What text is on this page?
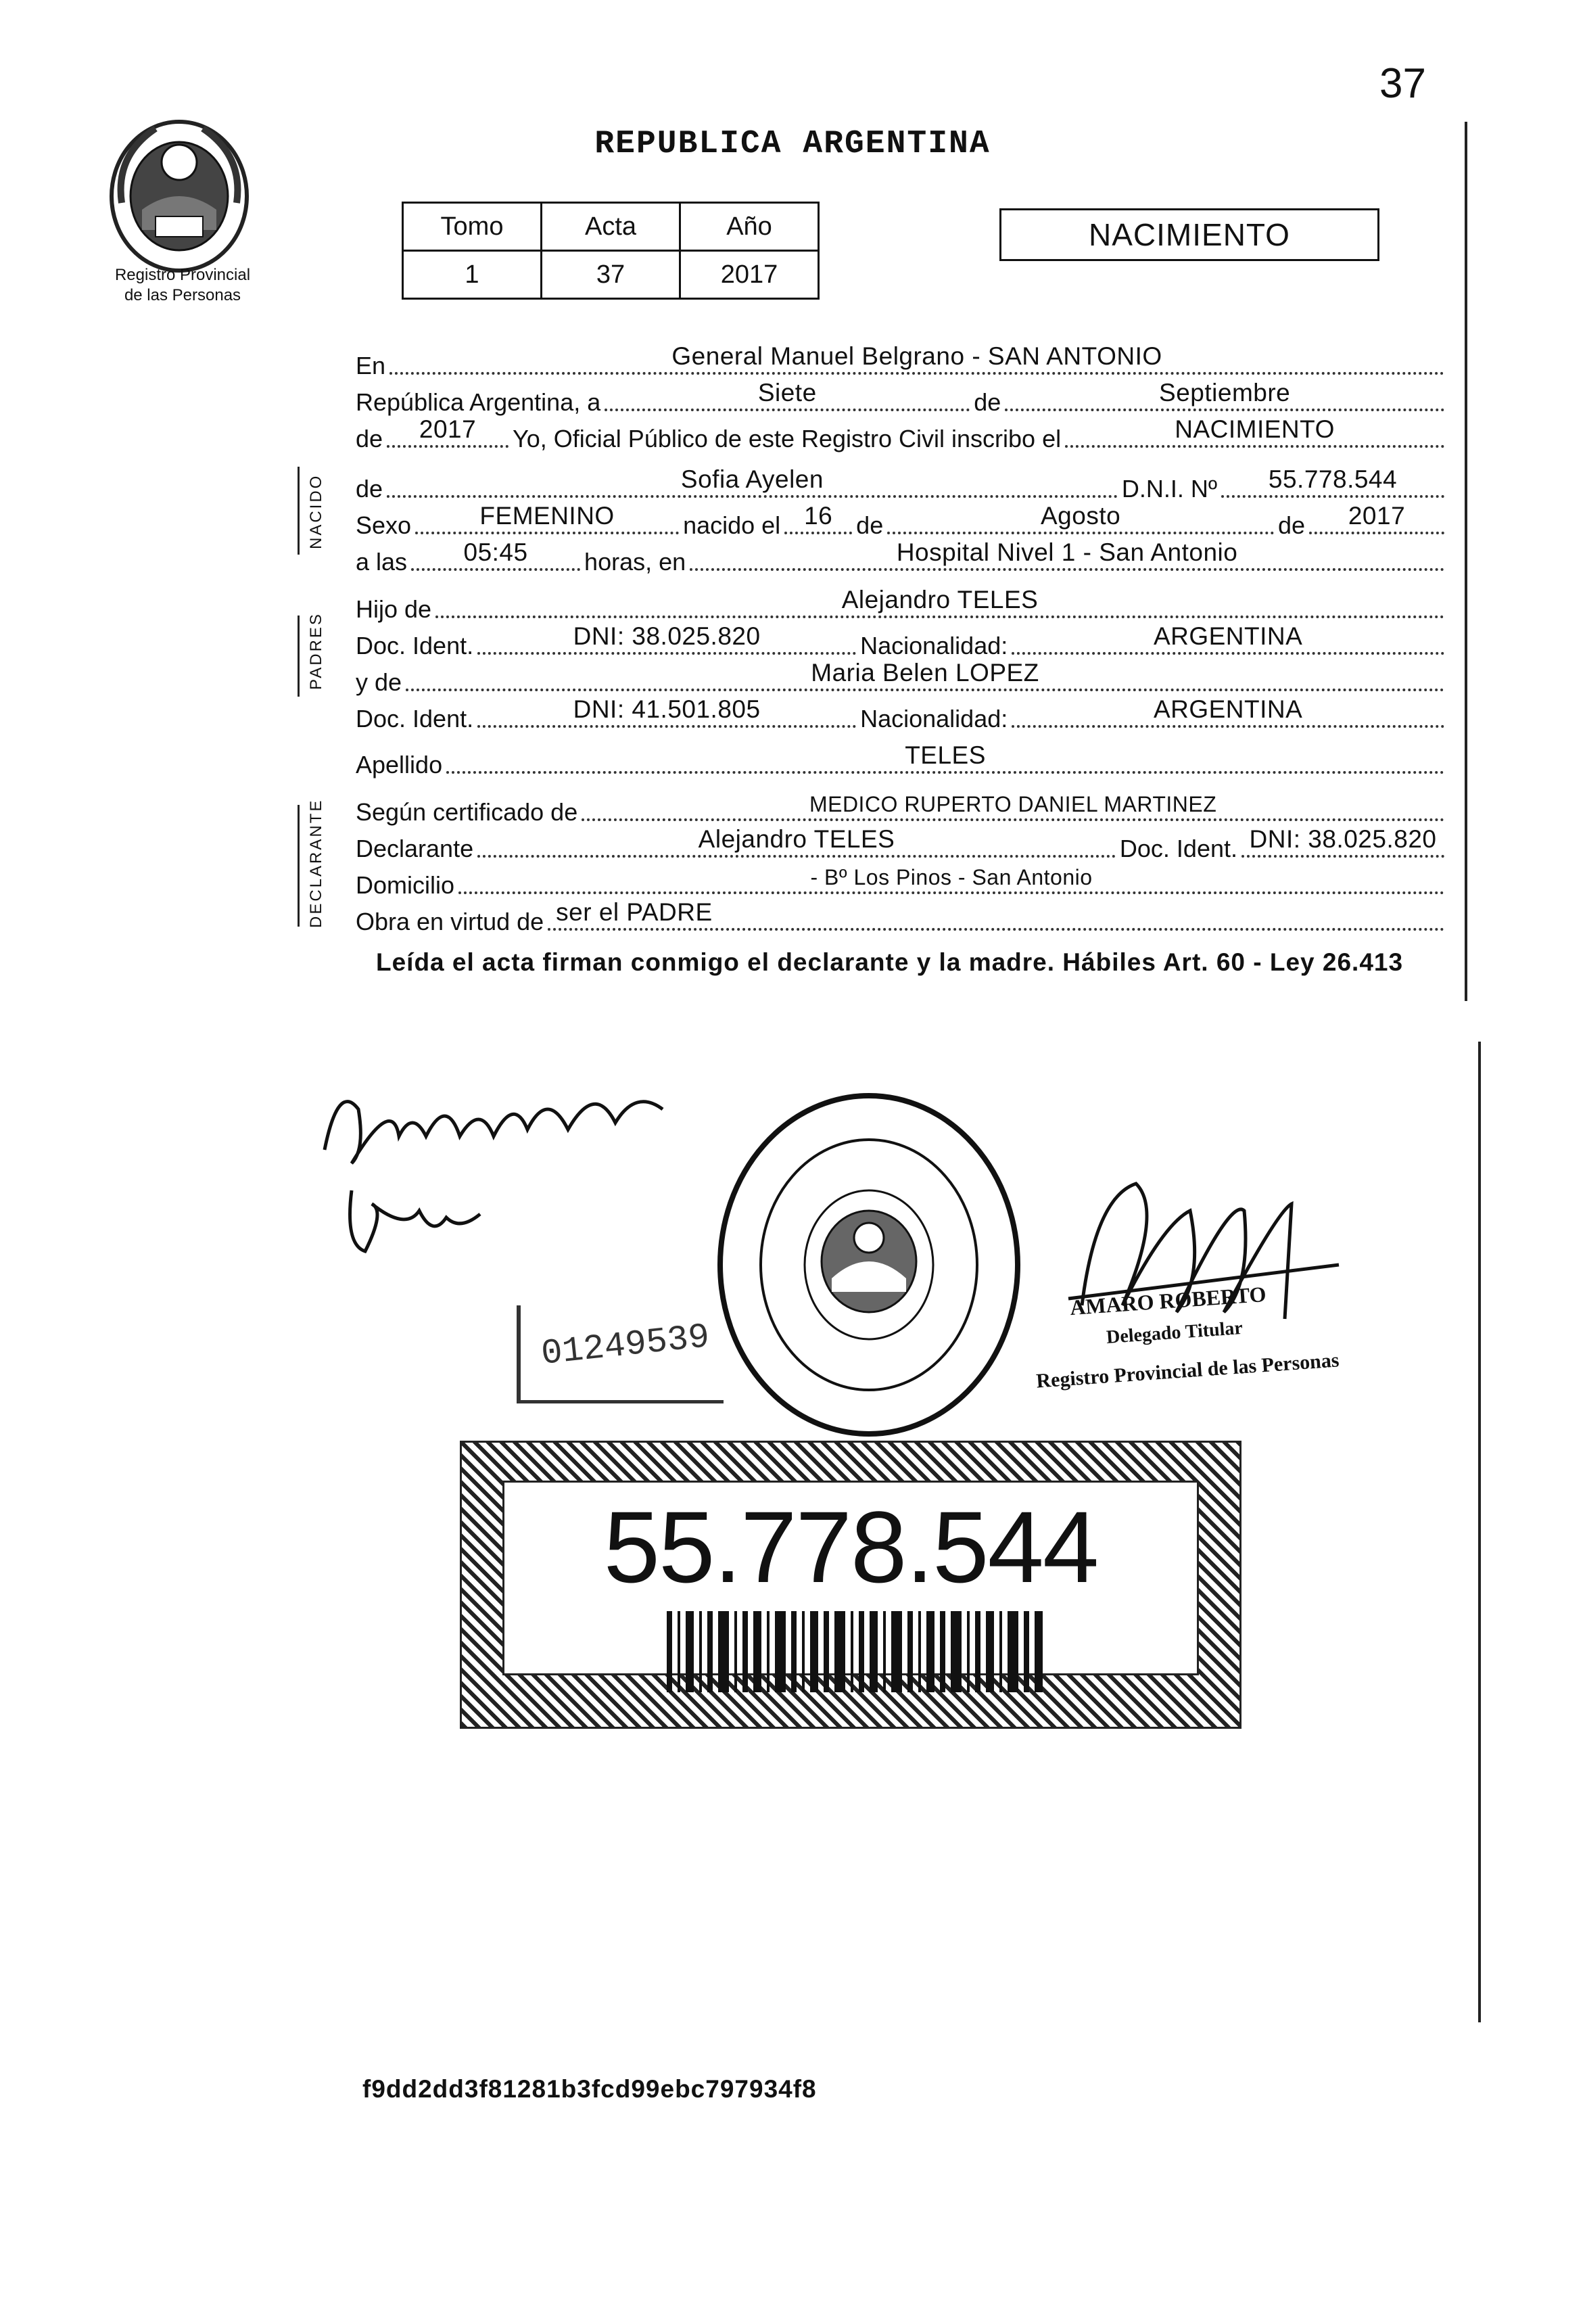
37
Registro Provincial
de las Personas
REPUBLICA ARGENTINA
Tomo	Acta	Año
1	37	2017
NACIMIENTO
NACIDO
PADRES
DECLARANTE
En	General Manuel Belgrano - SAN ANTONIO
República Argentina, a	Siete	de	Septiembre
de	2017	Yo, Oficial Público de este Registro Civil inscribo el	NACIMIENTO
de	Sofia Ayelen	D.N.I. Nº	55.778.544
Sexo	FEMENINO	nacido el 16 de	Agosto	de	2017
a las	05:45	horas, en	Hospital Nivel 1 - San Antonio
Hijo de	Alejandro TELES
Doc. Ident.	DNI: 38.025.820	Nacionalidad:	ARGENTINA
y de	Maria Belen LOPEZ
Doc. Ident.	DNI: 41.501.805	Nacionalidad:	ARGENTINA
Apellido	TELES
Según certificado de	MEDICO RUPERTO DANIEL MARTINEZ
Declarante	Alejandro TELES	Doc. Ident. DNI: 38.025.820
Domicilio	- Bº Los Pinos - San Antonio
Obra en virtud de ser el PADRE
Leída el acta firman conmigo el declarante y la madre. Hábiles Art. 60 - Ley 26.413
01249539
AMARO ROBERTO
Delegado Titular
Registro Provincial de las Personas
55.778.544
f9dd2dd3f81281b3fcd99ebc797934f8
